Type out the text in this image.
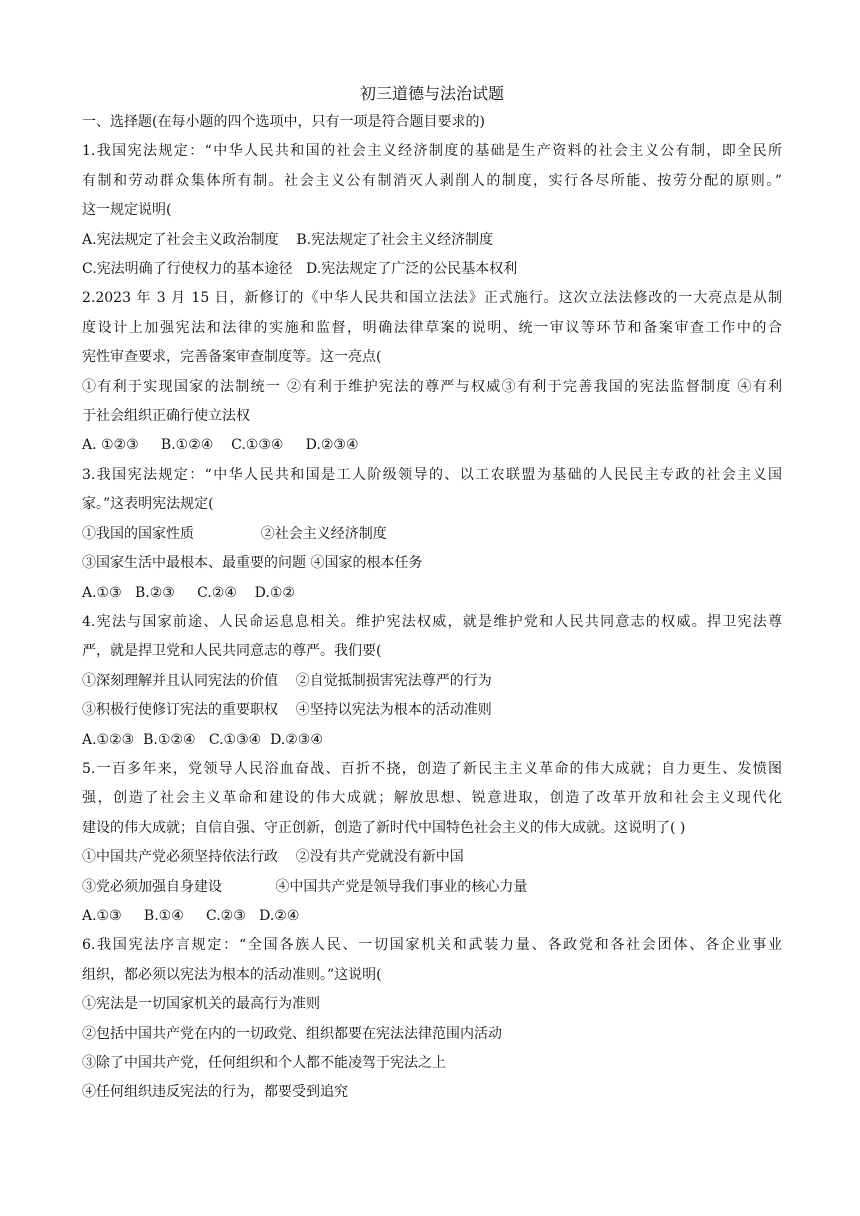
初三道德与法治试题

一、选择题(在每小题的四个选项中，只有一项是符合题目要求的)

1.我国宪法规定：“中华人民共和国的社会主义经济制度的基础是生产资料的社会主义公有制，即全民所

有制和劳动群众集体所有制。社会主义公有制消灭人剥削人的制度，实行各尽所能、按劳分配的原则。”

这一规定说明(

A.宪法规定了社会主义政治制度    B.宪法规定了社会主义经济制度

C.宪法明确了行使权力的基本途径   D.宪法规定了广泛的公民基本权利

2.2023 年 3 月 15 日，新修订的《中华人民共和国立法法》正式施行。这次立法法修改的一大亮点是从制

度设计上加强宪法和法律的实施和监督，明确法律草案的说明、统一审议等环节和备案审查工作中的合

宪性审查要求，完善备案审查制度等。这一亮点(

①有利于实现国家的法制统一 ②有利于维护宪法的尊严与权威③有利于完善我国的宪法监督制度 ④有利

于社会组织正确行使立法权

A. ①②③     B.①②④    C.①③④     D.②③④

3.我国宪法规定：“中华人民共和国是工人阶级领导的、以工农联盟为基础的人民民主专政的社会主义国

家。”这表明宪法规定(

①我国的国家性质               ②社会主义经济制度

③国家生活中最根本、最重要的问题 ④国家的根本任务

A.①③   B.②③     C.②④    D.①②

4.宪法与国家前途、人民命运息息相关。维护宪法权威，就是维护党和人民共同意志的权威。捍卫宪法尊

严，就是捍卫党和人民共同意志的尊严。我们要(

①深刻理解并且认同宪法的价值    ②自觉抵制损害宪法尊严的行为

③积极行使修订宪法的重要职权    ④坚持以宪法为根本的活动准则

A.①②③  B.①②④   C.①③④  D.②③④

5.一百多年来，党领导人民浴血奋战、百折不挠，创造了新民主主义革命的伟大成就；自力更生、发愤图

强，创造了社会主义革命和建设的伟大成就；解放思想、锐意进取，创造了改革开放和社会主义现代化

建设的伟大成就；自信自强、守正创新，创造了新时代中国特色社会主义的伟大成就。这说明了( )

①中国共产党必须坚持依法行政    ②没有共产党就没有新中国

③党必须加强自身建设            ④中国共产党是领导我们事业的核心力量

A.①③     B.①④     C.②③   D.②④

6.我国宪法序言规定：“全国各族人民、一切国家机关和武装力量、各政党和各社会团体、各企业事业

组织，都必须以宪法为根本的活动准则。”这说明(

①宪法是一切国家机关的最高行为准则

②包括中国共产党在内的一切政党、组织都要在宪法法律范围内活动

③除了中国共产党，任何组织和个人都不能凌驾于宪法之上

④任何组织违反宪法的行为，都要受到追究
